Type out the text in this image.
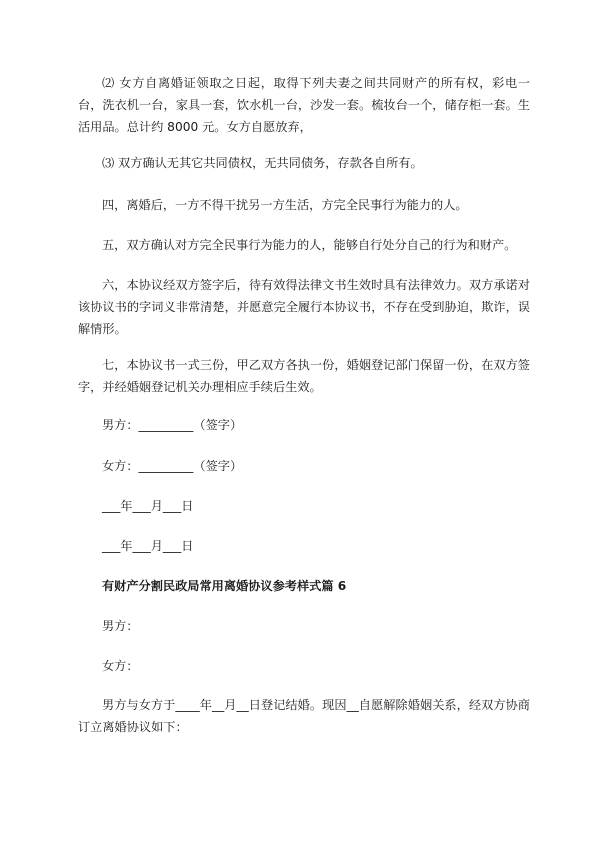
⑵ 女方自离婚证领取之日起，取得下列夫妻之间共同财产的所有权，彩电一台，洗衣机一台，家具一套，饮水机一台，沙发一套。梳妆台一个，储存柜一套。生活用品。总计约 8000 元。女方自愿放弃，

⑶ 双方确认无其它共同债权，无共同债务，存款各自所有。

四，离婚后，一方不得干扰另一方生活，方完全民事行为能力的人。

五，双方确认对方完全民事行为能力的人，能够自行处分自己的行为和财产。

六，本协议经双方签字后，待有效得法律文书生效时具有法律效力。双方承诺对该协议书的字词义非常清楚，并愿意完全履行本协议书，不存在受到胁迫，欺诈，误解情形。

七，本协议书一式三份，甲乙双方各执一份，婚姻登记部门保留一份，在双方签字，并经婚姻登记机关办理相应手续后生效。

男方：_________（签字）

女方：_________（签字）

___年___月___日

___年___月___日

有财产分割民政局常用离婚协议参考样式篇 6

男方：

女方：

男方与女方于____年__月__日登记结婚。现因__自愿解除婚姻关系，经双方协商订立离婚协议如下：
